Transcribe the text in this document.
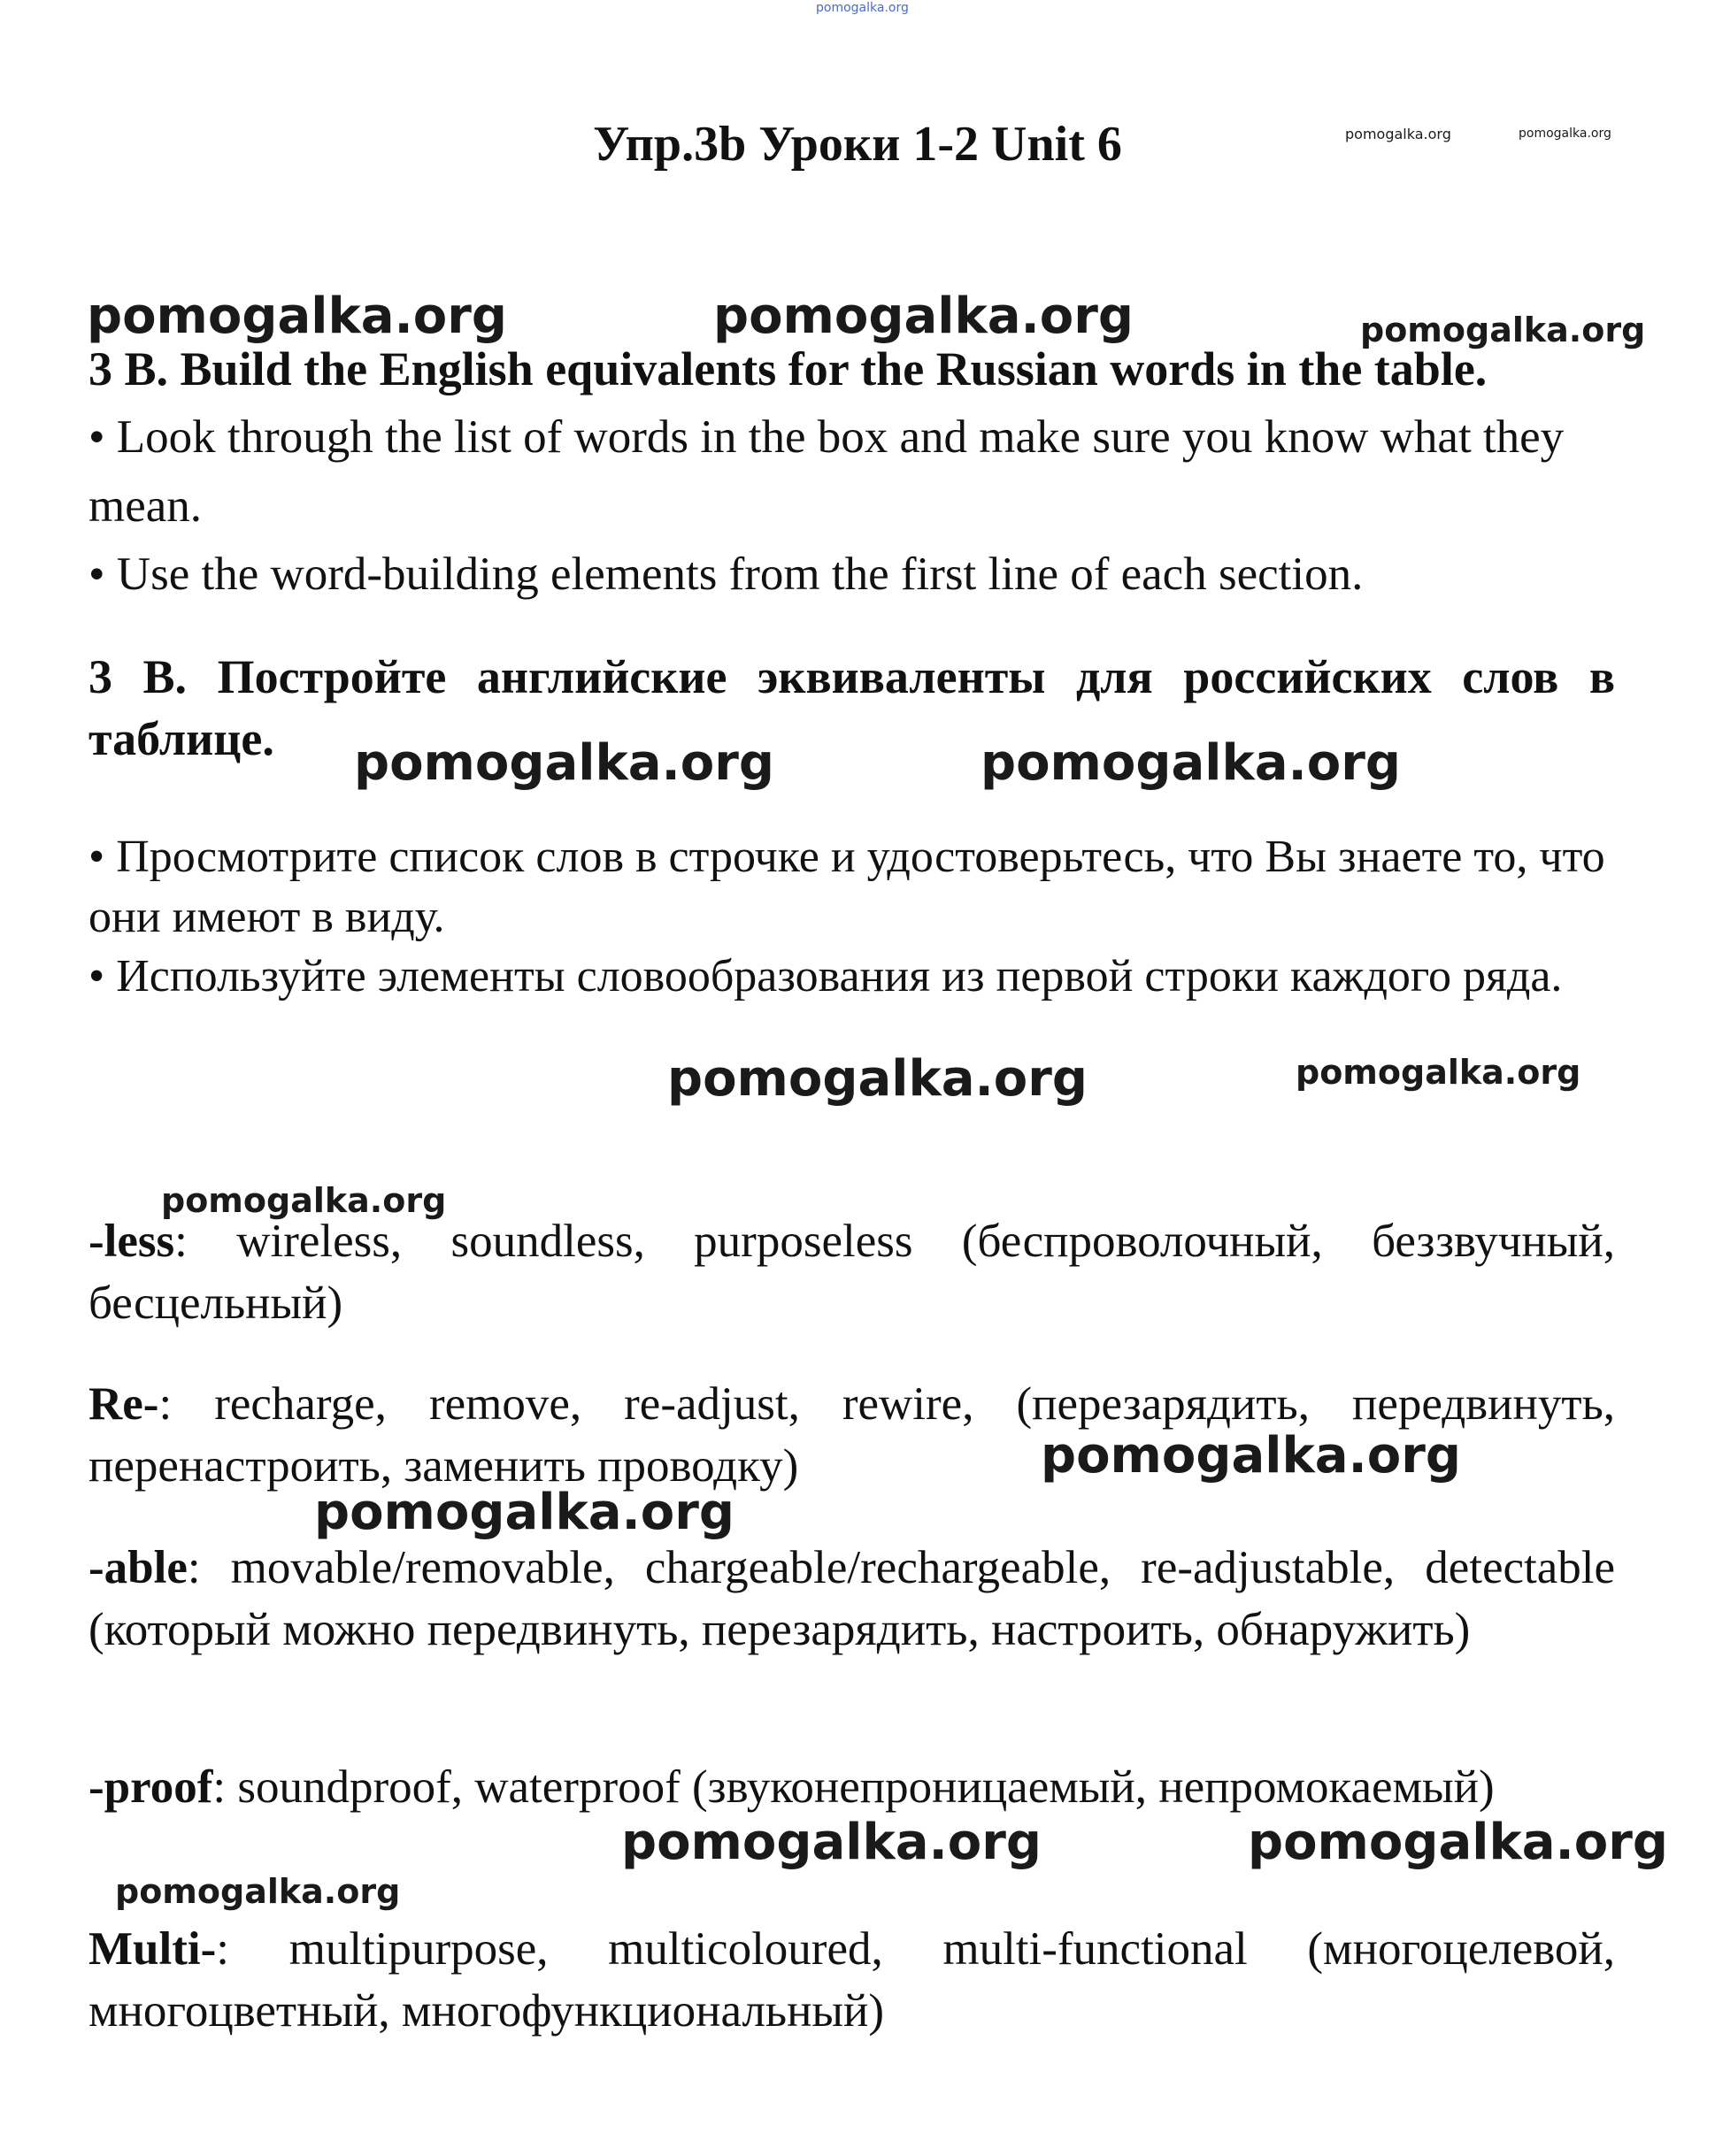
pomogalka.org
pomogalka.org	pomogalka.org
pomogalka.org	pomogalka.org	pomogalka.org
pomogalka.org	pomogalka.org
pomogalka.org	pomogalka.org
pomogalka.org
pomogalka.org
pomogalka.org
pomogalka.org	pomogalka.org
pomogalka.org
Упр.3b Уроки 1-2 Unit 6

3 B. Build the English equivalents for the Russian words in the table.

• Look through the list of words in the box and make sure you know what they mean.

• Use the word-building elements from the first line of each section.

3 B. Постройте английские эквиваленты для российских слов в таблице.

• Просмотрите список слов в строчке и удостоверьтесь, что Вы знаете то, что они имеют в виду.

• Используйте элементы словообразования из первой строки каждого ряда.

-less: wireless, soundless, purposeless (беспроволочный, беззвучный, бесцельный)

Re-: recharge, remove, re-adjust, rewire, (перезарядить, передвинуть, перенастроить, заменить проводку)

-able: movable/removable, chargeable/rechargeable, re-adjustable, detectable (который можно передвинуть, перезарядить, настроить, обнаружить)

-proof: soundproof, waterproof (звуконепроницаемый, непромокаемый)

Multi-: multipurpose, multicoloured, multi-functional (многоцелевой, многоцветный, многофункциональный)
